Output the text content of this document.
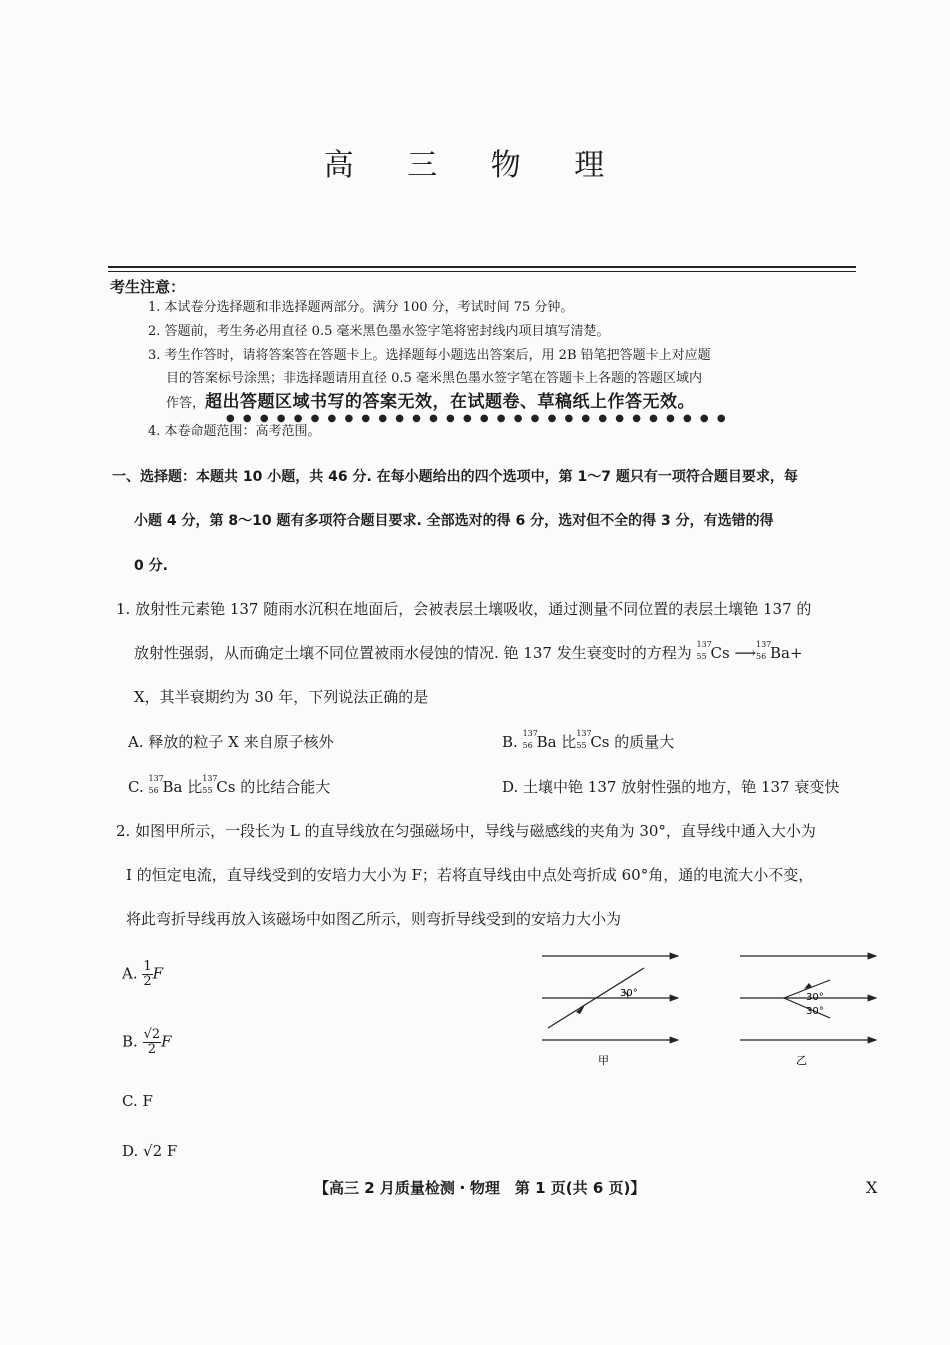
高 三 物 理
考生注意：
1. 本试卷分选择题和非选择题两部分。满分 100 分，考试时间 75 分钟。
2. 答题前，考生务必用直径 0.5 毫米黑色墨水签字笔将密封线内项目填写清楚。
3. 考生作答时，请将答案答在答题卡上。选择题每小题选出答案后，用 2B 铅笔把答题卡上对应题
目的答案标号涂黑；非选择题请用直径 0.5 毫米黑色墨水签字笔在答题卡上各题的答题区域内
作答，超出答题区域书写的答案无效，在试题卷、草稿纸上作答无效。
●●●●●●●●●●●●●●●●●●●●●●●●●●●●●●
4. 本卷命题范围：高考范围。
一、选择题：本题共 10 小题，共 46 分. 在每小题给出的四个选项中，第 1～7 题只有一项符合题目要求，每
小题 4 分，第 8～10 题有多项符合题目要求. 全部选对的得 6 分，选对但不全的得 3 分，有选错的得
0 分.
1. 放射性元素铯 137 随雨水沉积在地面后，会被表层土壤吸收，通过测量不同位置的表层土壤铯 137 的
放射性强弱，从而确定土壤不同位置被雨水侵蚀的情况. 铯 137 发生衰变时的方程为 137
55 Cs ⟶ 137
56 Ba+
X，其半衰期约为 30 年，下列说法正确的是
A. 释放的粒子 X 来自原子核外	B. 137
56 Ba 比 137
55 Cs 的质量大
C. 137
56 Ba 比 137
55 Cs 的比结合能大	D. 土壤中铯 137 放射性强的地方，铯 137 衰变快
2. 如图甲所示，一段长为 L 的直导线放在匀强磁场中，导线与磁感线的夹角为 30°，直导线中通入大小为
I 的恒定电流，直导线受到的安培力大小为 F；若将直导线由中点处弯折成 60°角，通的电流大小不变，
将此弯折导线再放入该磁场中如图乙所示，则弯折导线受到的安培力大小为
A. $\frac{1}{2}$ F
B. $\frac{√2}{2}$ F
C. F
D. √2 F
30°
甲
30°
30°
乙
【高三 2 月质量检测・物理　第 1 页(共 6 页)】	X
